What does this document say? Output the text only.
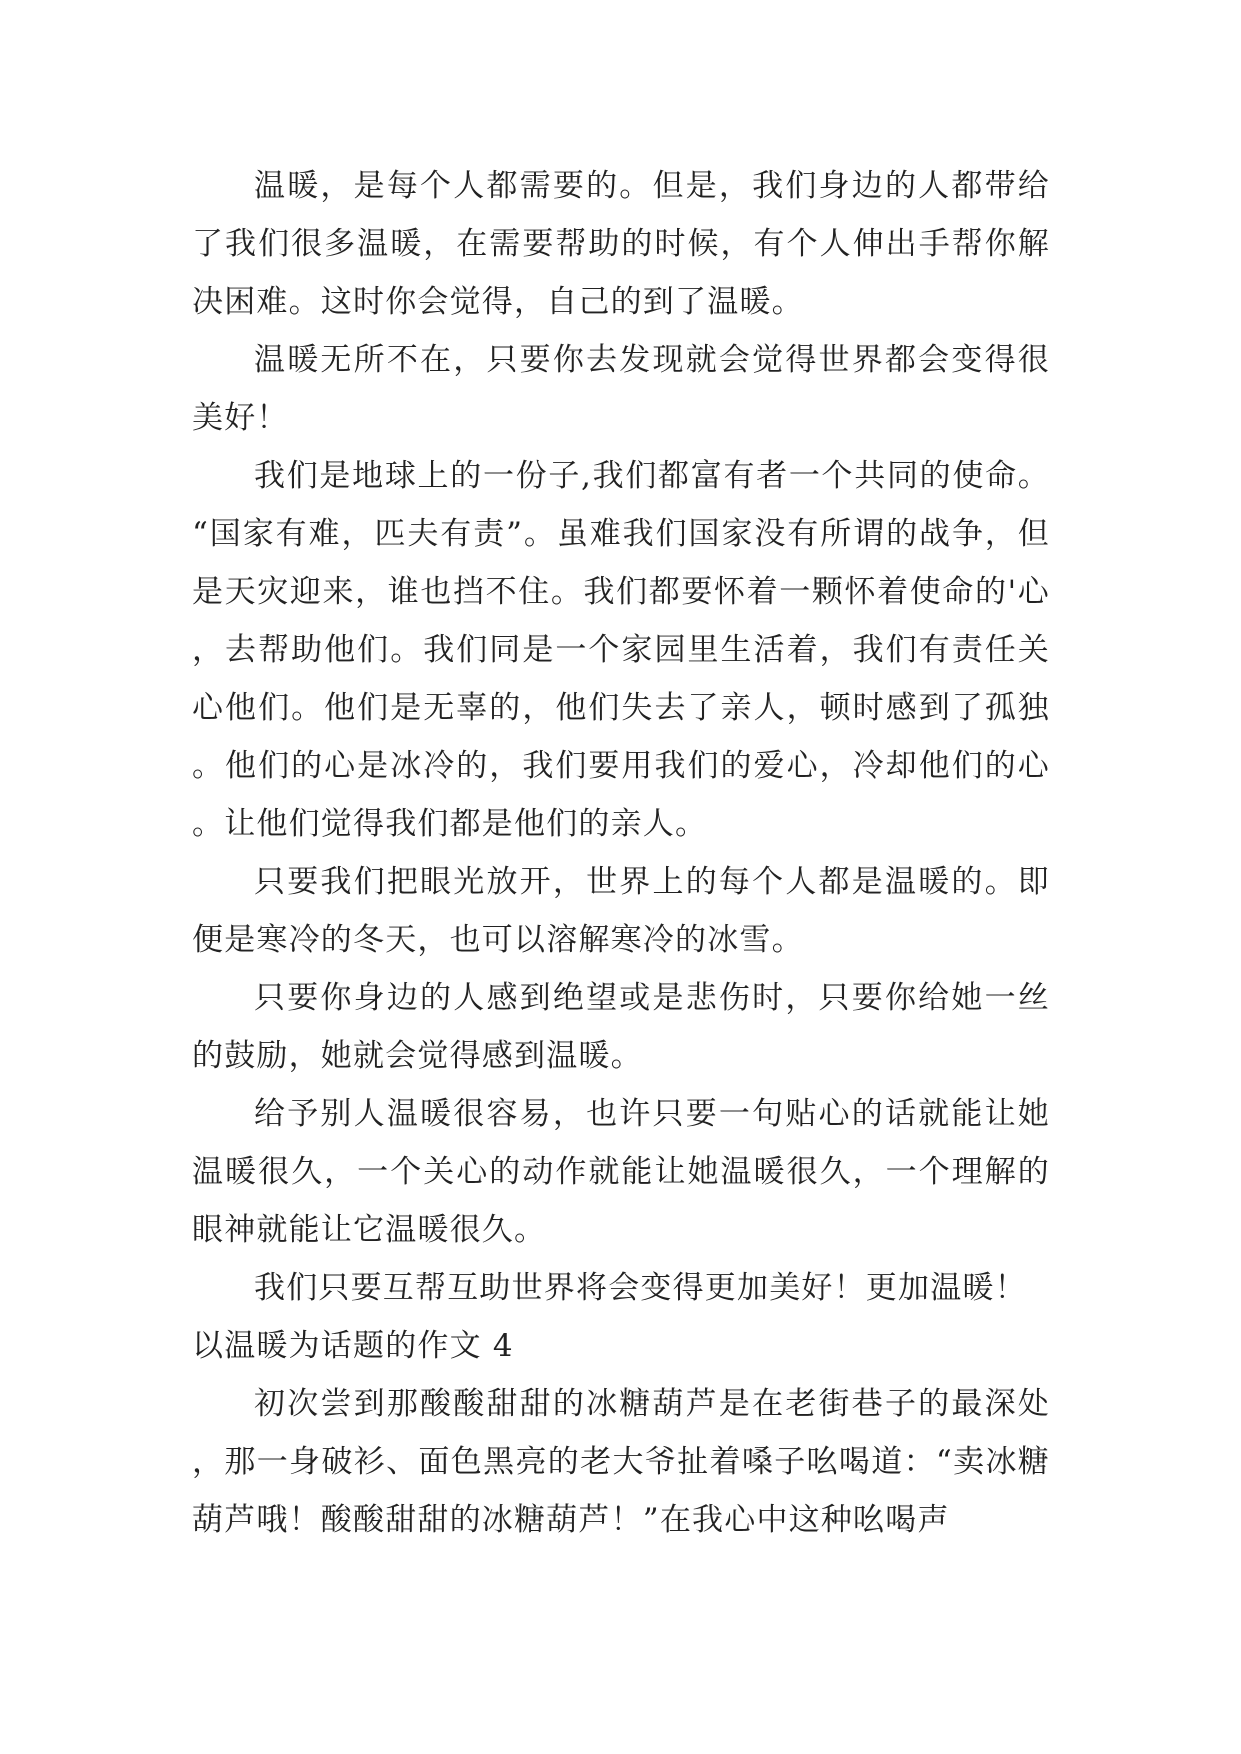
温暖，是每个人都需要的。但是，我们身边的人都带给了我们很多温暖，在需要帮助的时候，有个人伸出手帮你解决困难。这时你会觉得，自己的到了温暖。

温暖无所不在，只要你去发现就会觉得世界都会变得很美好！

我们是地球上的一份子,我们都富有者一个共同的使命。“国家有难，匹夫有责”。虽难我们国家没有所谓的战争，但是天灾迎来，谁也挡不住。我们都要怀着一颗怀着使命的'心，去帮助他们。我们同是一个家园里生活着，我们有责任关心他们。他们是无辜的，他们失去了亲人，顿时感到了孤独。他们的心是冰冷的，我们要用我们的爱心，冷却他们的心。让他们觉得我们都是他们的亲人。

只要我们把眼光放开，世界上的每个人都是温暖的。即便是寒冷的冬天，也可以溶解寒冷的冰雪。

只要你身边的人感到绝望或是悲伤时，只要你给她一丝的鼓励，她就会觉得感到温暖。

给予别人温暖很容易，也许只要一句贴心的话就能让她温暖很久，一个关心的动作就能让她温暖很久，一个理解的眼神就能让它温暖很久。

我们只要互帮互助世界将会变得更加美好！更加温暖！

以温暖为话题的作文 4

初次尝到那酸酸甜甜的冰糖葫芦是在老街巷子的最深处，那一身破衫、面色黑亮的老大爷扯着嗓子吆喝道：“卖冰糖葫芦哦！酸酸甜甜的冰糖葫芦！”在我心中这种吆喝声
